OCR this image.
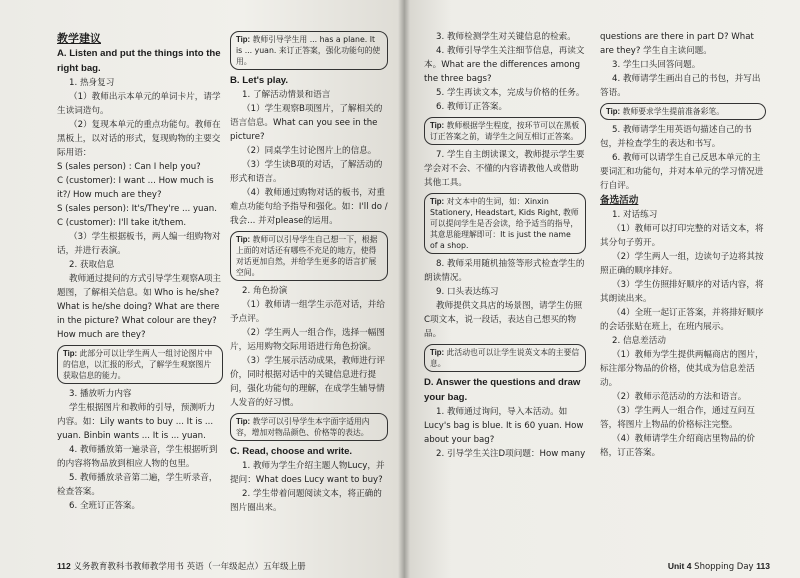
教学建议

A. Listen and put the things into the right bag.

1. 热身复习

（1）教师出示本单元的单词卡片，请学生读词造句。

（2）复现本单元的重点功能句。教师在黑板上，以对话的形式，复现购物的主要交际用语：

S (sales person) : Can I help you?

C (customer): I want ... How much is it?/ How much are they?

S (sales person): It's/They're ... yuan.

C (customer): I'll take it/them.

（3）学生根据板书，两人编一组购物对话，并进行表演。

2. 获取信息

教师通过提问的方式引导学生观察A项主题图，了解相关信息。如 Who is he/she? What is he/she doing? What are there in the picture? What colour are they? How much are they?

Tip: 此部分可以让学生两人一组讨论图片中的信息，以汇报的形式，了解学生观察图片获取信息的能力。

3. 播放听力内容

学生根据图片和教师的引导，预测听力内容。如：Lily wants to buy ... It is ... yuan. Binbin wants ... It is ... yuan.

4. 教师播放第一遍录音，学生根据听到的内容将物品放到相应人物的包里。

5. 教师播放录音第二遍，学生听录音，检查答案。

6. 全班订正答案。

Tip: 教师引导学生用 ... has a plane. It is ... yuan. 来订正答案，强化功能句的使用。

B. Let's play.

1. 了解活动情景和语言

（1）学生观察B项图片，了解相关的语言信息。What can you see in the picture?

（2）同桌学生讨论图片上的信息。

（3）学生读B项的对话，了解活动的形式和语言。

（4）教师通过购物对话的板书，对重难点功能句给予指导和强化。如：I'll do / 我会... 并对please的运用。

Tip: 教师可以引导学生自己想一下，根据上面的对话还有哪些不充足的地方，使得对话更加自然，并给学生更多的语言扩展空间。

2. 角色扮演

（1）教师请一组学生示范对话，并给予点评。

（2）学生两人一组合作，选择一幅图片，运用购物交际用语进行角色扮演。

（3）学生展示活动成果，教师进行评价，同时根据对话中的关键信息进行提问，强化功能句的理解，在成学生辅导情人发音的好习惯。

Tip: 教学可以引导学生本字面字适用内容，增加对物品颜色、价格等的表达。

C. Read, choose and write.

1. 教师为学生介绍主题人物Lucy，并提问：What does Lucy want to buy?

2. 学生带着问题阅读文本，将正确的图片圈出来。

112 义务教育教科书教师教学用书 英语（一年级起点）五年级上册

3. 教师检测学生对关键信息的检索。

4. 教师引导学生关注细节信息，再读文本。What are the differences among the three bags?

5. 学生再读文本，完成与价格的任务。

6. 教师订正答案。

Tip: 教师根据学生程度，按环节可以在黑板订正答案之前，请学生之间互相订正答案。

7. 学生自主朗读课文，教师提示学生要学会对不会、不懂的内容请教他人或借助其他工具。

Tip: 对文本中的生词，如：Xinxin Stationery, Headstart, Kids Right, 教师可以提问学生是否会读，给予适当的指导，其意思能理解即可：It is just the name of a shop.

8. 教师采用随机抽签等形式检查学生的朗读情况。

9. 口头表达练习

教师提供文具店的场景图，请学生仿照C项文本，说一段话，表达自己想买的物品。

Tip: 此活动也可以让学生说英文本的主要信息。

D. Answer the questions and draw your bag.

1. 教师通过询问，导入本活动。如 Lucy's bag is blue. It is 60 yuan. How about your bag?

2. 引导学生关注D项问题：How many

questions are there in part D? What are they? 学生自主读问题。

3. 学生口头回答问题。

4. 教师请学生画出自己的书包，并写出答语。

Tip: 教师要求学生提前准备彩笔。

5. 教师请学生用英语句描述自己的书包，并检查学生的表达和书写。

6. 教师可以请学生自己反思本单元的主要词汇和功能句，并对本单元的学习情况进行自评。

备选活动

1. 对话练习

（1）教师可以打印完整的对话文本，将其分句子剪开。

（2）学生两人一组，边读句子边将其按照正确的顺序排好。

（3）学生仿照排好顺序的对话内容，将其朗读出来。

（4）全班一起订正答案，并将排好顺序的会话张贴在班上，在班内展示。

2. 信息差活动

（1）教师为学生提供两幅商店的图片，标注部分物品的价格，使其成为信息差活动。

（2）教师示范活动的方法和语言。

（3）学生两人一组合作，通过互问互答，将图片上物品的价格标注完整。

（4）教师请学生介绍商店里物品的价格，订正答案。

Unit 4 Shopping Day 113
